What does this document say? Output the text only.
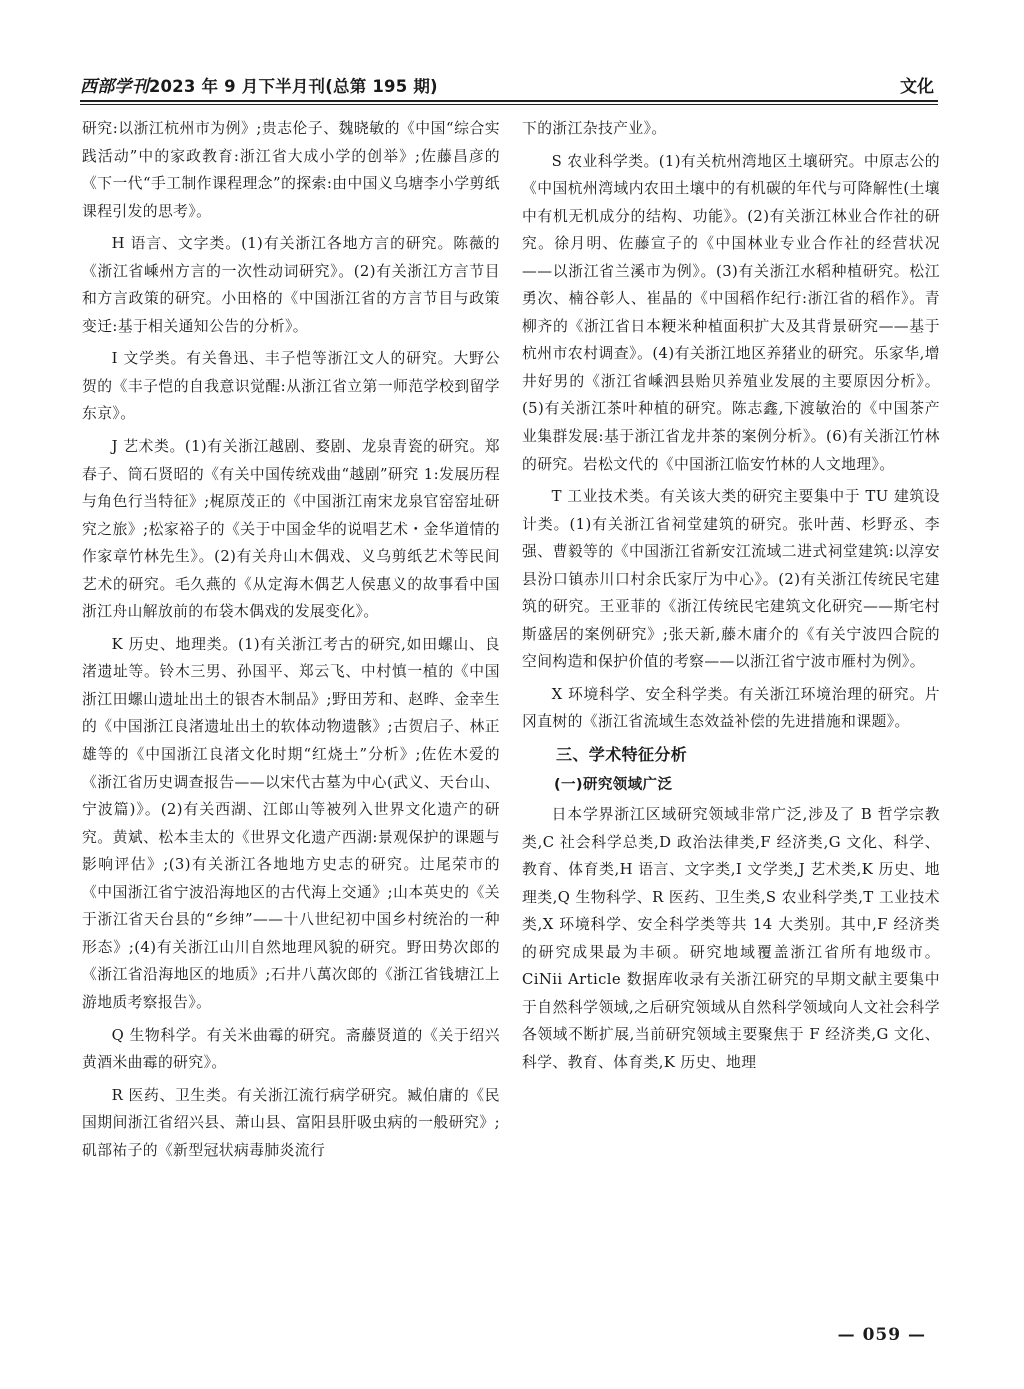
西部学刊2023 年 9 月下半月刊(总第 195 期)	文化

研究:以浙江杭州市为例》;贵志伦子、魏晓敏的《中国“综合实践活动”中的家政教育:浙江省大成小学的创举》;佐藤昌彦的《下一代“手工制作课程理念”的探索:由中国义乌塘李小学剪纸课程引发的思考》。

H 语言、文字类。(1)有关浙江各地方言的研究。陈薇的《浙江省嵊州方言的一次性动词研究》。(2)有关浙江方言节目和方言政策的研究。小田格的《中国浙江省的方言节目与政策变迁:基于相关通知公告的分析》。

I 文学类。有关鲁迅、丰子恺等浙江文人的研究。大野公贺的《丰子恺的自我意识觉醒:从浙江省立第一师范学校到留学东京》。

J 艺术类。(1)有关浙江越剧、婺剧、龙泉青瓷的研究。郑春子、筒石贤昭的《有关中国传统戏曲“越剧”研究 1:发展历程与角色行当特征》;梶原茂正的《中国浙江南宋龙泉官窑窑址研究之旅》;松家裕子的《关于中国金华的说唱艺术・金华道情的作家章竹林先生》。(2)有关舟山木偶戏、义乌剪纸艺术等民间艺术的研究。毛久燕的《从定海木偶艺人侯惠义的故事看中国浙江舟山解放前的布袋木偶戏的发展变化》。

K 历史、地理类。(1)有关浙江考古的研究,如田螺山、良渚遗址等。铃木三男、孙国平、郑云飞、中村慎一植的《中国浙江田螺山遗址出土的银杏木制品》;野田芳和、赵晔、金幸生的《中国浙江良渚遗址出土的软体动物遗骸》;古贺启子、林正雄等的《中国浙江良渚文化时期“红烧土”分析》;佐佐木爱的《浙江省历史调查报告——以宋代古墓为中心(武义、天台山、宁波篇)》。(2)有关西湖、江郎山等被列入世界文化遗产的研究。黄斌、松本圭太的《世界文化遗产西湖:景观保护的课题与影响评估》;(3)有关浙江各地地方史志的研究。辻尾荣市的《中国浙江省宁波沿海地区的古代海上交通》;山本英史的《关于浙江省天台县的“乡绅”——十八世纪初中国乡村统治的一种形态》;(4)有关浙江山川自然地理风貌的研究。野田势次郎的《浙江省沿海地区的地质》;石井八萬次郎的《浙江省钱塘江上游地质考察报告》。

Q 生物科学。有关米曲霉的研究。斋藤贤道的《关于绍兴黄酒米曲霉的研究》。

R 医药、卫生类。有关浙江流行病学研究。臧伯庸的《民国期间浙江省绍兴县、萧山县、富阳县肝吸虫病的一般研究》;矶部祐子的《新型冠状病毒肺炎流行

下的浙江杂技产业》。

S 农业科学类。(1)有关杭州湾地区土壤研究。中原志公的《中国杭州湾域内农田土壤中的有机碳的年代与可降解性(土壤中有机无机成分的结构、功能》。(2)有关浙江林业合作社的研究。徐月明、佐藤宣子的《中国林业专业合作社的经营状况——以浙江省兰溪市为例》。(3)有关浙江水稻种植研究。松江勇次、楠谷彰人、崔晶的《中国稻作纪行:浙江省的稻作》。青柳齐的《浙江省日本粳米种植面积扩大及其背景研究——基于杭州市农村调查》。(4)有关浙江地区养猪业的研究。乐家华,增井好男的《浙江省嵊泗县贻贝养殖业发展的主要原因分析》。(5)有关浙江茶叶种植的研究。陈志鑫,下渡敏治的《中国茶产业集群发展:基于浙江省龙井茶的案例分析》。(6)有关浙江竹林的研究。岩松文代的《中国浙江临安竹林的人文地理》。

T 工业技术类。有关该大类的研究主要集中于 TU 建筑设计类。(1)有关浙江省祠堂建筑的研究。张叶茜、杉野丞、李强、曹毅等的《中国浙江省新安江流域二进式祠堂建筑:以淳安县汾口镇赤川口村余氏家厅为中心》。(2)有关浙江传统民宅建筑的研究。王亚菲的《浙江传统民宅建筑文化研究——斯宅村斯盛居的案例研究》;张天新,藤木庸介的《有关宁波四合院的空间构造和保护价值的考察——以浙江省宁波市雁村为例》。

X 环境科学、安全科学类。有关浙江环境治理的研究。片冈直树的《浙江省流域生态效益补偿的先进措施和课题》。

三、学术特征分析
(一)研究领域广泛

日本学界浙江区域研究领域非常广泛,涉及了 B 哲学宗教类,C 社会科学总类,D 政治法律类,F 经济类,G 文化、科学、教育、体育类,H 语言、文字类,I 文学类,J 艺术类,K 历史、地理类,Q 生物科学、R 医药、卫生类,S 农业科学类,T 工业技术类,X 环境科学、安全科学类等共 14 大类别。其中,F 经济类的研究成果最为丰硕。研究地域覆盖浙江省所有地级市。CiNii Article 数据库收录有关浙江研究的早期文献主要集中于自然科学领域,之后研究领域从自然科学领域向人文社会科学各领域不断扩展,当前研究领域主要聚焦于 F 经济类,G 文化、科学、教育、体育类,K 历史、地理

— 059 —
